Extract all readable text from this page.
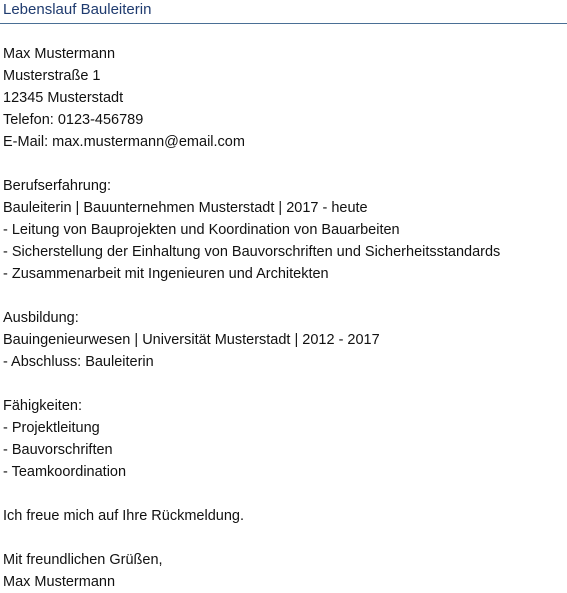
Lebenslauf Bauleiterin
Max Mustermann
Musterstraße 1
12345 Musterstadt
Telefon: 0123-456789
E-Mail: max.mustermann@email.com
Berufserfahrung:
Bauleiterin | Bauunternehmen Musterstadt | 2017 - heute
- Leitung von Bauprojekten und Koordination von Bauarbeiten
- Sicherstellung der Einhaltung von Bauvorschriften und Sicherheitsstandards
- Zusammenarbeit mit Ingenieuren und Architekten
Ausbildung:
Bauingenieurwesen | Universität Musterstadt | 2012 - 2017
- Abschluss: Bauleiterin
Fähigkeiten:
- Projektleitung
- Bauvorschriften
- Teamkoordination
Ich freue mich auf Ihre Rückmeldung.
Mit freundlichen Grüßen,
Max Mustermann
